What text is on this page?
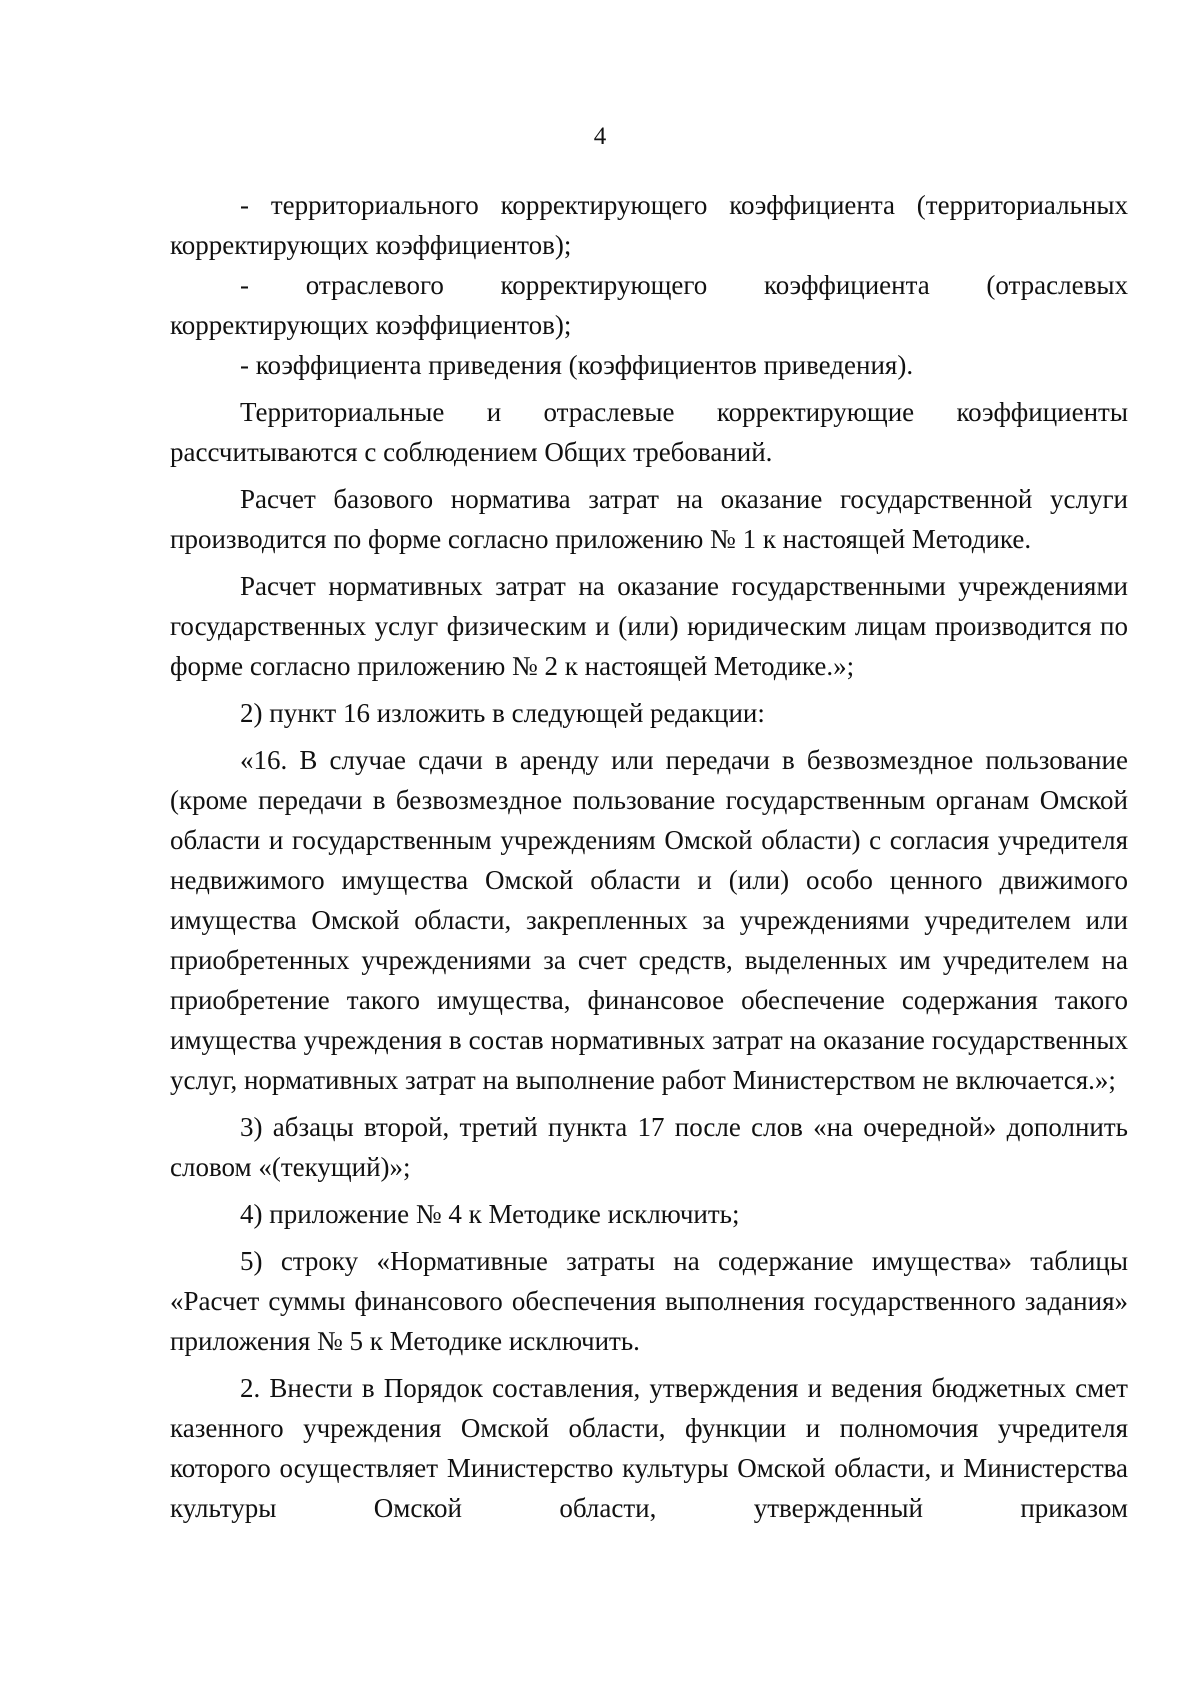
4

- территориального корректирующего коэффициента (территориальных корректирующих коэффициентов);

- отраслевого корректирующего коэффициента (отраслевых корректирующих коэффициентов);

- коэффициента приведения (коэффициентов приведения).

Территориальные и отраслевые корректирующие коэффициенты рассчитываются с соблюдением Общих требований.

Расчет базового норматива затрат на оказание государственной услуги производится по форме согласно приложению № 1 к настоящей Методике.

Расчет нормативных затрат на оказание государственными учреждениями государственных услуг физическим и (или) юридическим лицам производится по форме согласно приложению № 2 к настоящей Методике.»;

2) пункт 16 изложить в следующей редакции:

«16. В случае сдачи в аренду или передачи в безвозмездное пользование (кроме передачи в безвозмездное пользование государственным органам Омской области и государственным учреждениям Омской области) с согласия учредителя недвижимого имущества Омской области и (или) особо ценного движимого имущества Омской области, закрепленных за учреждениями учредителем или приобретенных учреждениями за счет средств, выделенных им учредителем на приобретение такого имущества, финансовое обеспечение содержания такого имущества учреждения в состав нормативных затрат на оказание государственных услуг, нормативных затрат на выполнение работ Министерством не включается.»;

3) абзацы второй, третий пункта 17 после слов «на очередной» дополнить словом «(текущий)»;

4) приложение № 4 к Методике исключить;

5) строку «Нормативные затраты на содержание имущества» таблицы «Расчет суммы финансового обеспечения выполнения государственного задания» приложения № 5 к Методике исключить.

2. Внести в Порядок составления, утверждения и ведения бюджетных смет казенного учреждения Омской области, функции и полномочия учредителя которого осуществляет Министерство культуры Омской области, и Министерства культуры Омской области, утвержденный приказом
